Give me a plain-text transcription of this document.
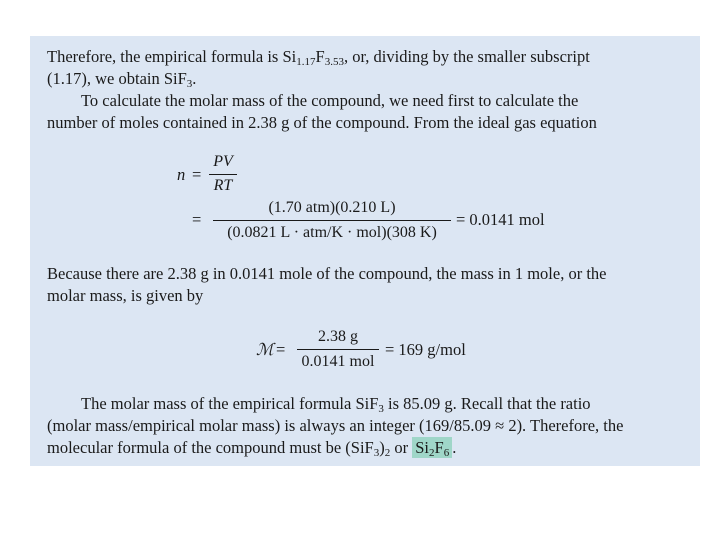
Therefore, the empirical formula is $Si_{1.17}F_{3.53}$, or, dividing by the smaller subscript
(1.17), we obtain SiF$_3$.
To calculate the molar mass of the compound, we need first to calculate the
number of moles contained in 2.38 g of the compound. From the ideal gas equation
n =
PV
RT
=
(1.70 atm)(0.210 L)
(0.0821 L · atm/K · mol)(308 K)
= 0.0141 mol
Because there are 2.38 g in 0.0141 mole of the compound, the mass in 1 mole, or the
molar mass, is given by
ℳ =
2.38 g
0.0141 mol
= 169 g/mol
The molar mass of the empirical formula SiF$_3$ is 85.09 g. Recall that the ratio
(molar mass/empirical molar mass) is always an integer (169/85.09 ≈ 2). Therefore, the
molecular formula of the compound must be $(SiF_3)_2$ or $Si_2F_6$ .
